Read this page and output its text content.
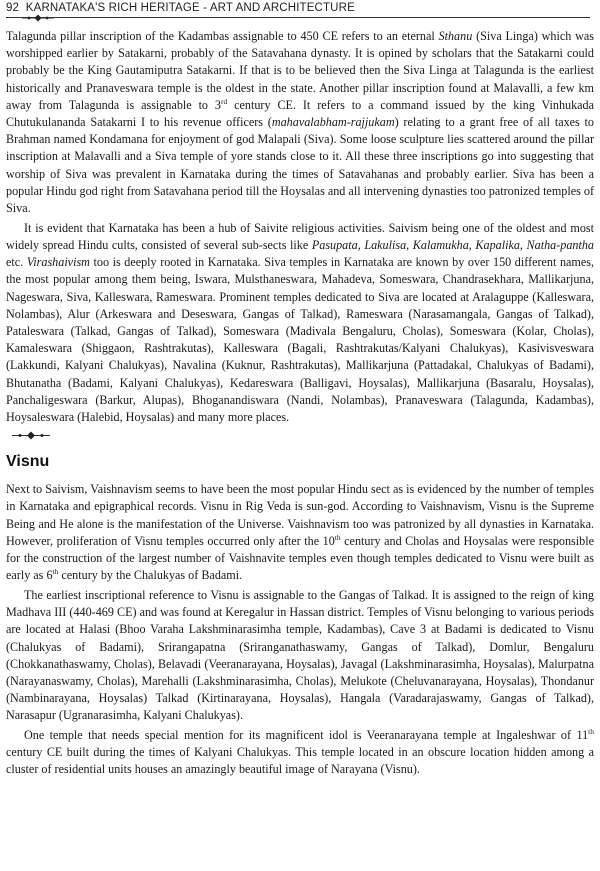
92 KARNATAKA'S RICH HERITAGE - ART AND ARCHITECTURE

Talagunda pillar inscription of the Kadambas assignable to 450 CE refers to an eternal Sthanu (Siva Linga) which was worshipped earlier by Satakarni, probably of the Satavahana dynasty. It is opined by scholars that the Satakarni could probably be the King Gautamiputra Satakarni. If that is to be believed then the Siva Linga at Talagunda is the earliest historically and Pranaveswara temple is the oldest in the state. Another pillar inscription found at Malavalli, a few km away from Talagunda is assignable to 3rd century CE. It refers to a command issued by the king Vinhukada Chutukulananda Satakarni I to his revenue officers (mahavalabham-rajjukam) relating to a grant free of all taxes to Brahman named Kondamana for enjoyment of god Malapali (Siva). Some loose sculpture lies scattered around the pillar inscription at Malavalli and a Siva temple of yore stands close to it. All these three inscriptions go into suggesting that worship of Siva was prevalent in Karnataka during the times of Satavahanas and probably earlier. Siva has been a popular Hindu god right from Satavahana period till the Hoysalas and all intervening dynasties too patronized temples of Siva.

It is evident that Karnataka has been a hub of Saivite religious activities. Saivism being one of the oldest and most widely spread Hindu cults, consisted of several sub-sects like Pasupata, Lakulisa, Kalamukha, Kapalika, Natha-pantha etc. Virashaivism too is deeply rooted in Karnataka. Siva temples in Karnataka are known by over 150 different names, the most popular among them being, Iswara, Mulsthaneswara, Mahadeva, Someswara, Chandrasekhara, Mallikarjuna, Nageswara, Siva, Kalleswara, Rameswara. Prominent temples dedicated to Siva are located at Aralaguppe (Kalleswara, Nolambas), Alur (Arkeswara and Deseswara, Gangas of Talkad), Rameswara (Narasamangala, Gangas of Talkad), Pataleswara (Talkad, Gangas of Talkad), Someswara (Madivala Bengaluru, Cholas), Someswara (Kolar, Cholas), Kamaleswara (Shiggaon, Rashtrakutas), Kalleswara (Bagali, Rashtrakutas/Kalyani Chalukyas), Kasivisveswara (Lakkundi, Kalyani Chalukyas), Navalina (Kuknur, Rashtrakutas), Mallikarjuna (Pattadakal, Chalukyas of Badami), Bhutanatha (Badami, Kalyani Chalukyas), Kedareswara (Balligavi, Hoysalas), Mallikarjuna (Basaralu, Hoysalas), Panchaligeswara (Barkur, Alupas), Bhoganandiswara (Nandi, Nolambas), Pranaveswara (Talagunda, Kadambas), Hoysaleswara (Halebid, Hoysalas) and many more places.

Visnu

Next to Saivism, Vaishnavism seems to have been the most popular Hindu sect as is evidenced by the number of temples in Karnataka and epigraphical records. Visnu in Rig Veda is sun-god. According to Vaishnavism, Visnu is the Supreme Being and He alone is the manifestation of the Universe. Vaishnavism too was patronized by all dynasties in Karnataka. However, proliferation of Visnu temples occurred only after the 10th century and Cholas and Hoysalas were responsible for the construction of the largest number of Vaishnavite temples even though temples dedicated to Visnu were built as early as 6th century by the Chalukyas of Badami.

The earliest inscriptional reference to Visnu is assignable to the Gangas of Talkad. It is assigned to the reign of king Madhava III (440-469 CE) and was found at Keregalur in Hassan district. Temples of Visnu belonging to various periods are located at Halasi (Bhoo Varaha Lakshminarasimha temple, Kadambas), Cave 3 at Badami is dedicated to Visnu (Chalukyas of Badami), Srirangapatna (Sriranganathaswamy, Gangas of Talkad), Domlur, Bengaluru (Chokkanathaswamy, Cholas), Belavadi (Veeranarayana, Hoysalas), Javagal (Lakshminarasimha, Hoysalas), Malurpatna (Narayanaswamy, Cholas), Marehalli (Lakshminarasimha, Cholas), Melukote (Cheluvanarayana, Hoysalas), Thondanur (Nambinarayana, Hoysalas) Talkad (Kirtinarayana, Hoysalas), Hangala (Varadarajaswamy, Gangas of Talkad), Narasapur (Ugranarasimha, Kalyani Chalukyas).

One temple that needs special mention for its magnificent idol is Veeranarayana temple at Ingaleshwar of 11th century CE built during the times of Kalyani Chalukyas. This temple located in an obscure location hidden among a cluster of residential units houses an amazingly beautiful image of Narayana (Visnu).
